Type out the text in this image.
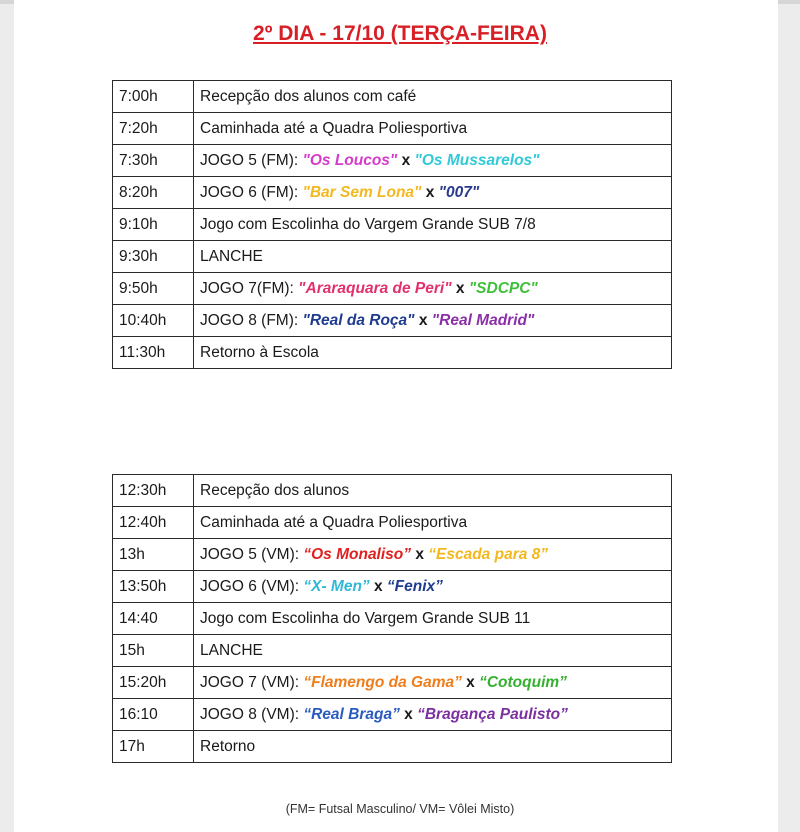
2º DIA - 17/10 (TERÇA-FEIRA)
7:00h	Recepção dos alunos com café
7:20h	Caminhada até a Quadra Poliesportiva
7:30h	JOGO 5 (FM): "Os Loucos" x "Os Mussarelos"
8:20h	JOGO 6 (FM): "Bar Sem Lona" x "007"
9:10h	Jogo com Escolinha do Vargem Grande SUB 7/8
9:30h	LANCHE
9:50h	JOGO 7(FM): "Araraquara de Peri" x "SDCPC"
10:40h	JOGO 8 (FM): "Real da Roça" x "Real Madrid"
11:30h	Retorno à Escola
12:30h	Recepção dos alunos
12:40h	Caminhada até a Quadra Poliesportiva
13h	JOGO 5 (VM): “Os Monaliso” x “Escada para 8”
13:50h	JOGO 6 (VM): “X- Men” x “Fenix”
14:40	Jogo com Escolinha do Vargem Grande SUB 11
15h	LANCHE
15:20h	JOGO 7 (VM): “Flamengo da Gama” x “Cotoquim”
16:10	JOGO 8 (VM): “Real Braga” x “Bragança Paulisto”
17h	Retorno
(FM= Futsal Masculino/ VM= Vôlei Misto)
